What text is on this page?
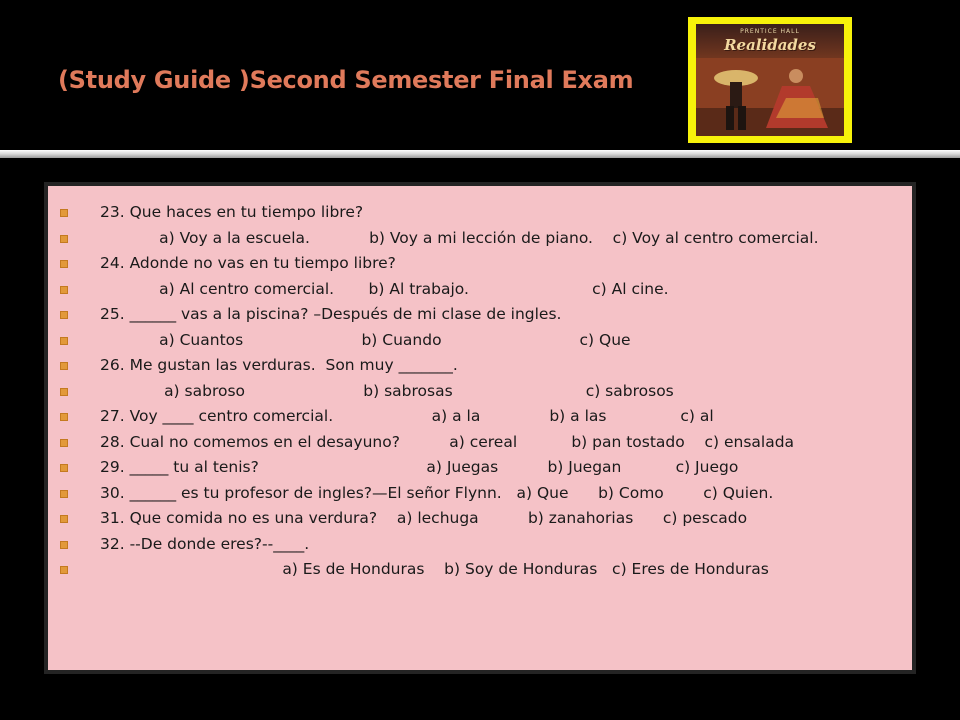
(Study Guide )Second Semester Final Exam
PRENTICE HALL
Realidades
23. Que haces en tu tiempo libre?
a) Voy a la escuela.            b) Voy a mi lección de piano.    c) Voy al centro comercial.
24. Adonde no vas en tu tiempo libre?
a) Al centro comercial.       b) Al trabajo.                         c) Al cine.
25. ______ vas a la piscina? –Después de mi clase de ingles.
a) Cuantos                        b) Cuando                            c) Que
26. Me gustan las verduras.  Son muy _______.
a) sabroso                        b) sabrosas                           c) sabrosos
27. Voy ____ centro comercial.                    a) a la              b) a las               c) al
28. Cual no comemos en el desayuno?          a) cereal           b) pan tostado    c) ensalada
29. _____ tu al tenis?                                  a) Juegas          b) Juegan           c) Juego
30. ______ es tu profesor de ingles?—El señor Flynn.   a) Que      b) Como        c) Quien.
31. Que comida no es una verdura?    a) lechuga          b) zanahorias      c) pescado
32. --De donde eres?--____.
a) Es de Honduras    b) Soy de Honduras   c) Eres de Honduras
